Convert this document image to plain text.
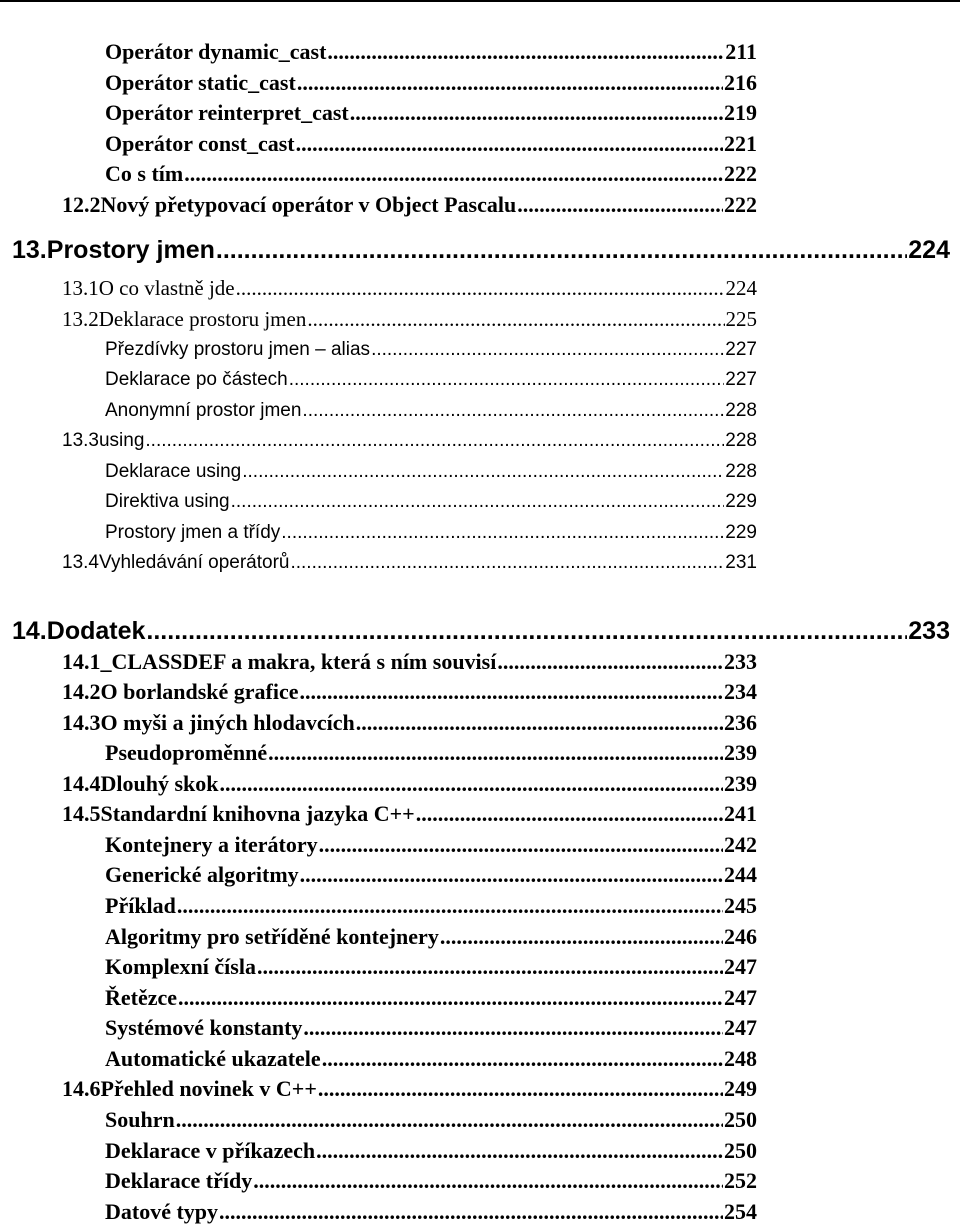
Operátor dynamic_cast .....	211
Operátor static_cast .....	216
Operátor reinterpret_cast .....	219
Operátor const_cast .....	221
Co s tím .....	222
12.2 Nový přetypovací operátor v Object Pascalu .....	222
13. Prostory jmen .....	224
13.1 O co vlastně jde .....	224
13.2 Deklarace prostoru jmen .....	225
Přezdívky prostoru jmen – alias .....	227
Deklarace po částech .....	227
Anonymní prostor jmen .....	228
13.3 using .....	228
Deklarace using .....	228
Direktiva using .....	229
Prostory jmen a třídy .....	229
13.4 Vyhledávání operátorů .....	231
14. Dodatek .....	233
14.1 _CLASSDEF a makra, která s ním souvisí .....	233
14.2 O borlandské grafice .....	234
14.3 O myši a jiných hlodavcích .....	236
Pseudoproměnné .....	239
14.4 Dlouhý skok .....	239
14.5 Standardní knihovna jazyka C++ .....	241
Kontejnery a iterátory .....	242
Generické algoritmy .....	244
Příklad .....	245
Algoritmy pro setříděné kontejnery .....	246
Komplexní čísla .....	247
Řetězce .....	247
Systémové konstanty .....	247
Automatické ukazatele .....	248
14.6 Přehled novinek v C++ .....	249
Souhrn .....	250
Deklarace v příkazech .....	250
Deklarace třídy .....	252
Datové typy .....	254
